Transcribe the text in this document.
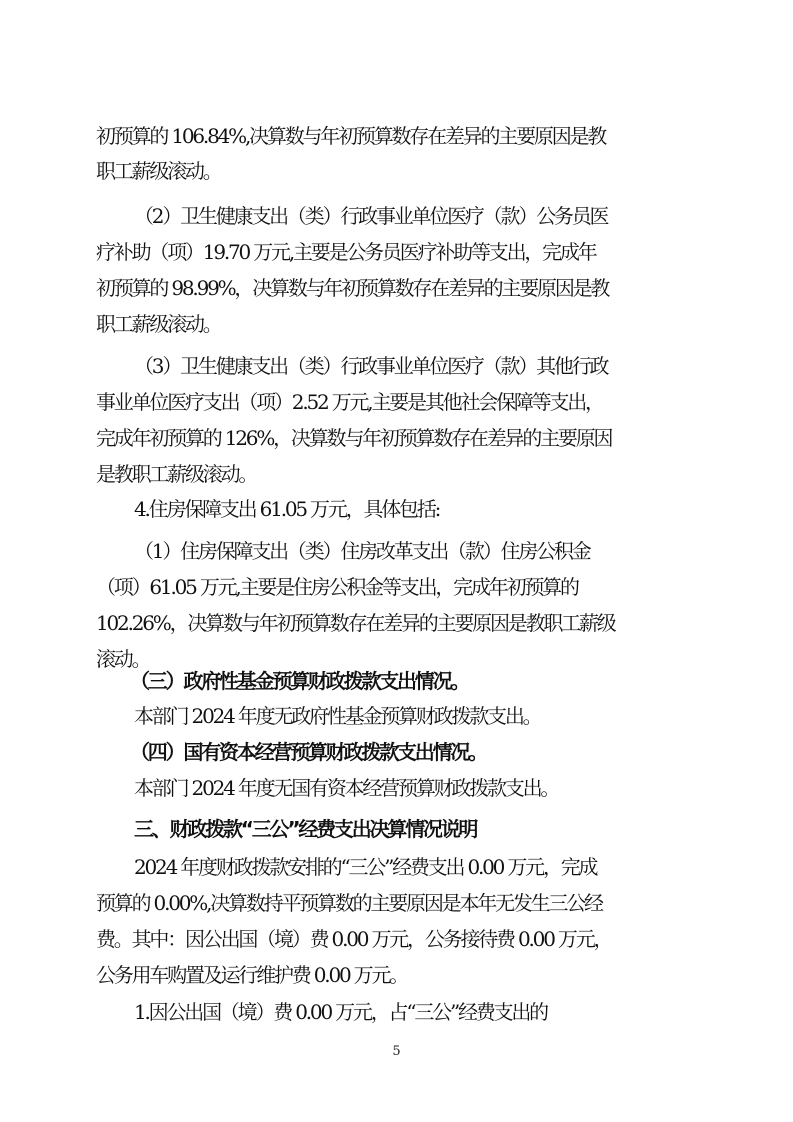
初预算的 106.84%,决算数与年初预算数存在差异的主要原因是教
职工薪级滚动。
（2）卫生健康支出（类）行政事业单位医疗（款）公务员医
疗补助（项）19.70 万元,主要是公务员医疗补助等支出，完成年
初预算的 98.99%，决算数与年初预算数存在差异的主要原因是教
职工薪级滚动。
（3）卫生健康支出（类）行政事业单位医疗（款）其他行政
事业单位医疗支出（项）2.52 万元,主要是其他社会保障等支出，
完成年初预算的 126%，决算数与年初预算数存在差异的主要原因
是教职工薪级滚动。
4.住房保障支出 61.05 万元，具体包括:
（1）住房保障支出（类）住房改革支出（款）住房公积金
（项）61.05 万元,主要是住房公积金等支出，完成年初预算的
102.26%，决算数与年初预算数存在差异的主要原因是教职工薪级
滚动。
（三）政府性基金预算财政拨款支出情况。
本部门 2024 年度无政府性基金预算财政拨款支出。
（四）国有资本经营预算财政拨款支出情况。
本部门 2024 年度无国有资本经营预算财政拨款支出。
三、财政拨款“三公”经费支出决算情况说明
2024 年度财政拨款安排的“三公”经费支出 0.00 万元，完成
预算的 0.00%,决算数持平预算数的主要原因是本年无发生三公经
费。其中：因公出国（境）费 0.00 万元，公务接待费 0.00 万元，
公务用车购置及运行维护费 0.00 万元。
1.因公出国（境）费 0.00 万元，占“三公”经费支出的
5
